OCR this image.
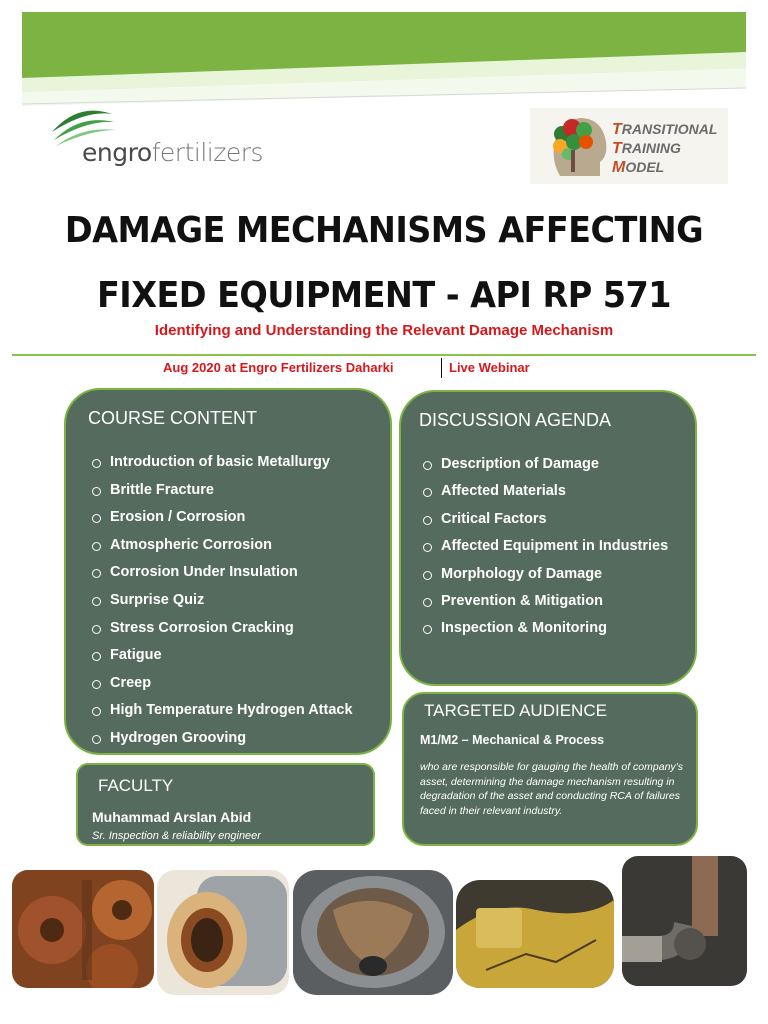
engrofertilizers
TRANSITIONAL
TRAINING
MODEL
DAMAGE MECHANISMS AFFECTING
FIXED EQUIPMENT - API RP 571
Identifying and Understanding the Relevant Damage Mechanism
Aug 2020 at Engro Fertilizers Daharki	Live Webinar
COURSE CONTENT
Introduction of basic Metallurgy
Brittle Fracture
Erosion / Corrosion
Atmospheric Corrosion
Corrosion Under Insulation
Surprise Quiz
Stress Corrosion Cracking
Fatigue
Creep
High Temperature Hydrogen Attack
Hydrogen Grooving
DISCUSSION AGENDA
Description of Damage
Affected Materials
Critical Factors
Affected Equipment in Industries
Morphology of Damage
Prevention & Mitigation
Inspection & Monitoring
TARGETED AUDIENCE
M1/M2 – Mechanical & Process
who are responsible for gauging the health of company’s asset, determining the damage mechanism resulting in degradation of the asset and conducting RCA of failures faced in their relevant industry.
FACULTY
Muhammad Arslan Abid
Sr. Inspection & reliability engineer
